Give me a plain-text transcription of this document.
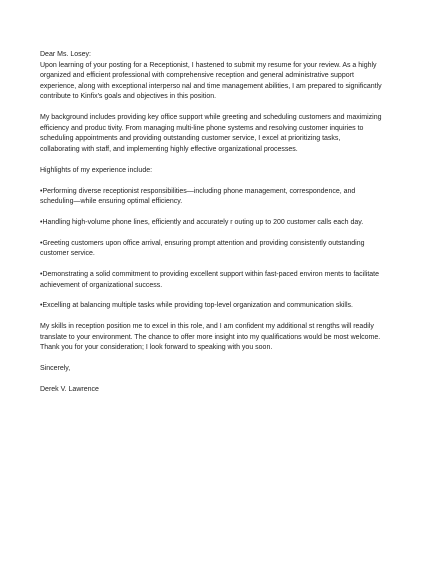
Dear Ms. Losey:

Upon learning of your posting for a Receptionist, I hastened to submit my resume for your review. As a highly
organized and efficient professional with comprehensive reception and general administrative support
experience, along with exceptional interperso nal and time management abilities, I am prepared to significantly
contribute to Kinfix's goals and objectives in this position.

My background includes providing key office support while greeting and scheduling customers and maximizing
efficiency and produc tivity. From managing multi-line phone systems and resolving customer inquiries to
scheduling appointments and providing outstanding customer service, I excel at prioritizing tasks,
collaborating with staff, and implementing highly effective organizational processes.

Highlights of my experience include:

•Performing diverse receptionist responsibilities—including phone management, correspondence, and
scheduling—while ensuring optimal efficiency.

•Handling high-volume phone lines, efficiently and accurately r outing up to 200 customer calls each day.

•Greeting customers upon office arrival, ensuring prompt attention and providing consistently outstanding
customer service.

•Demonstrating a solid commitment to providing excellent support within fast-paced environ ments to facilitate
achievement of organizational success.

•Excelling at balancing multiple tasks while providing top-level organization and communication skills.

My skills in reception position me to excel in this role, and I am confident my additional st rengths will readily
translate to your environment. The chance to offer more insight into my qualifications would be most welcome.
Thank you for your consideration; I look forward to speaking with you soon.

Sincerely,

Derek V. Lawrence
